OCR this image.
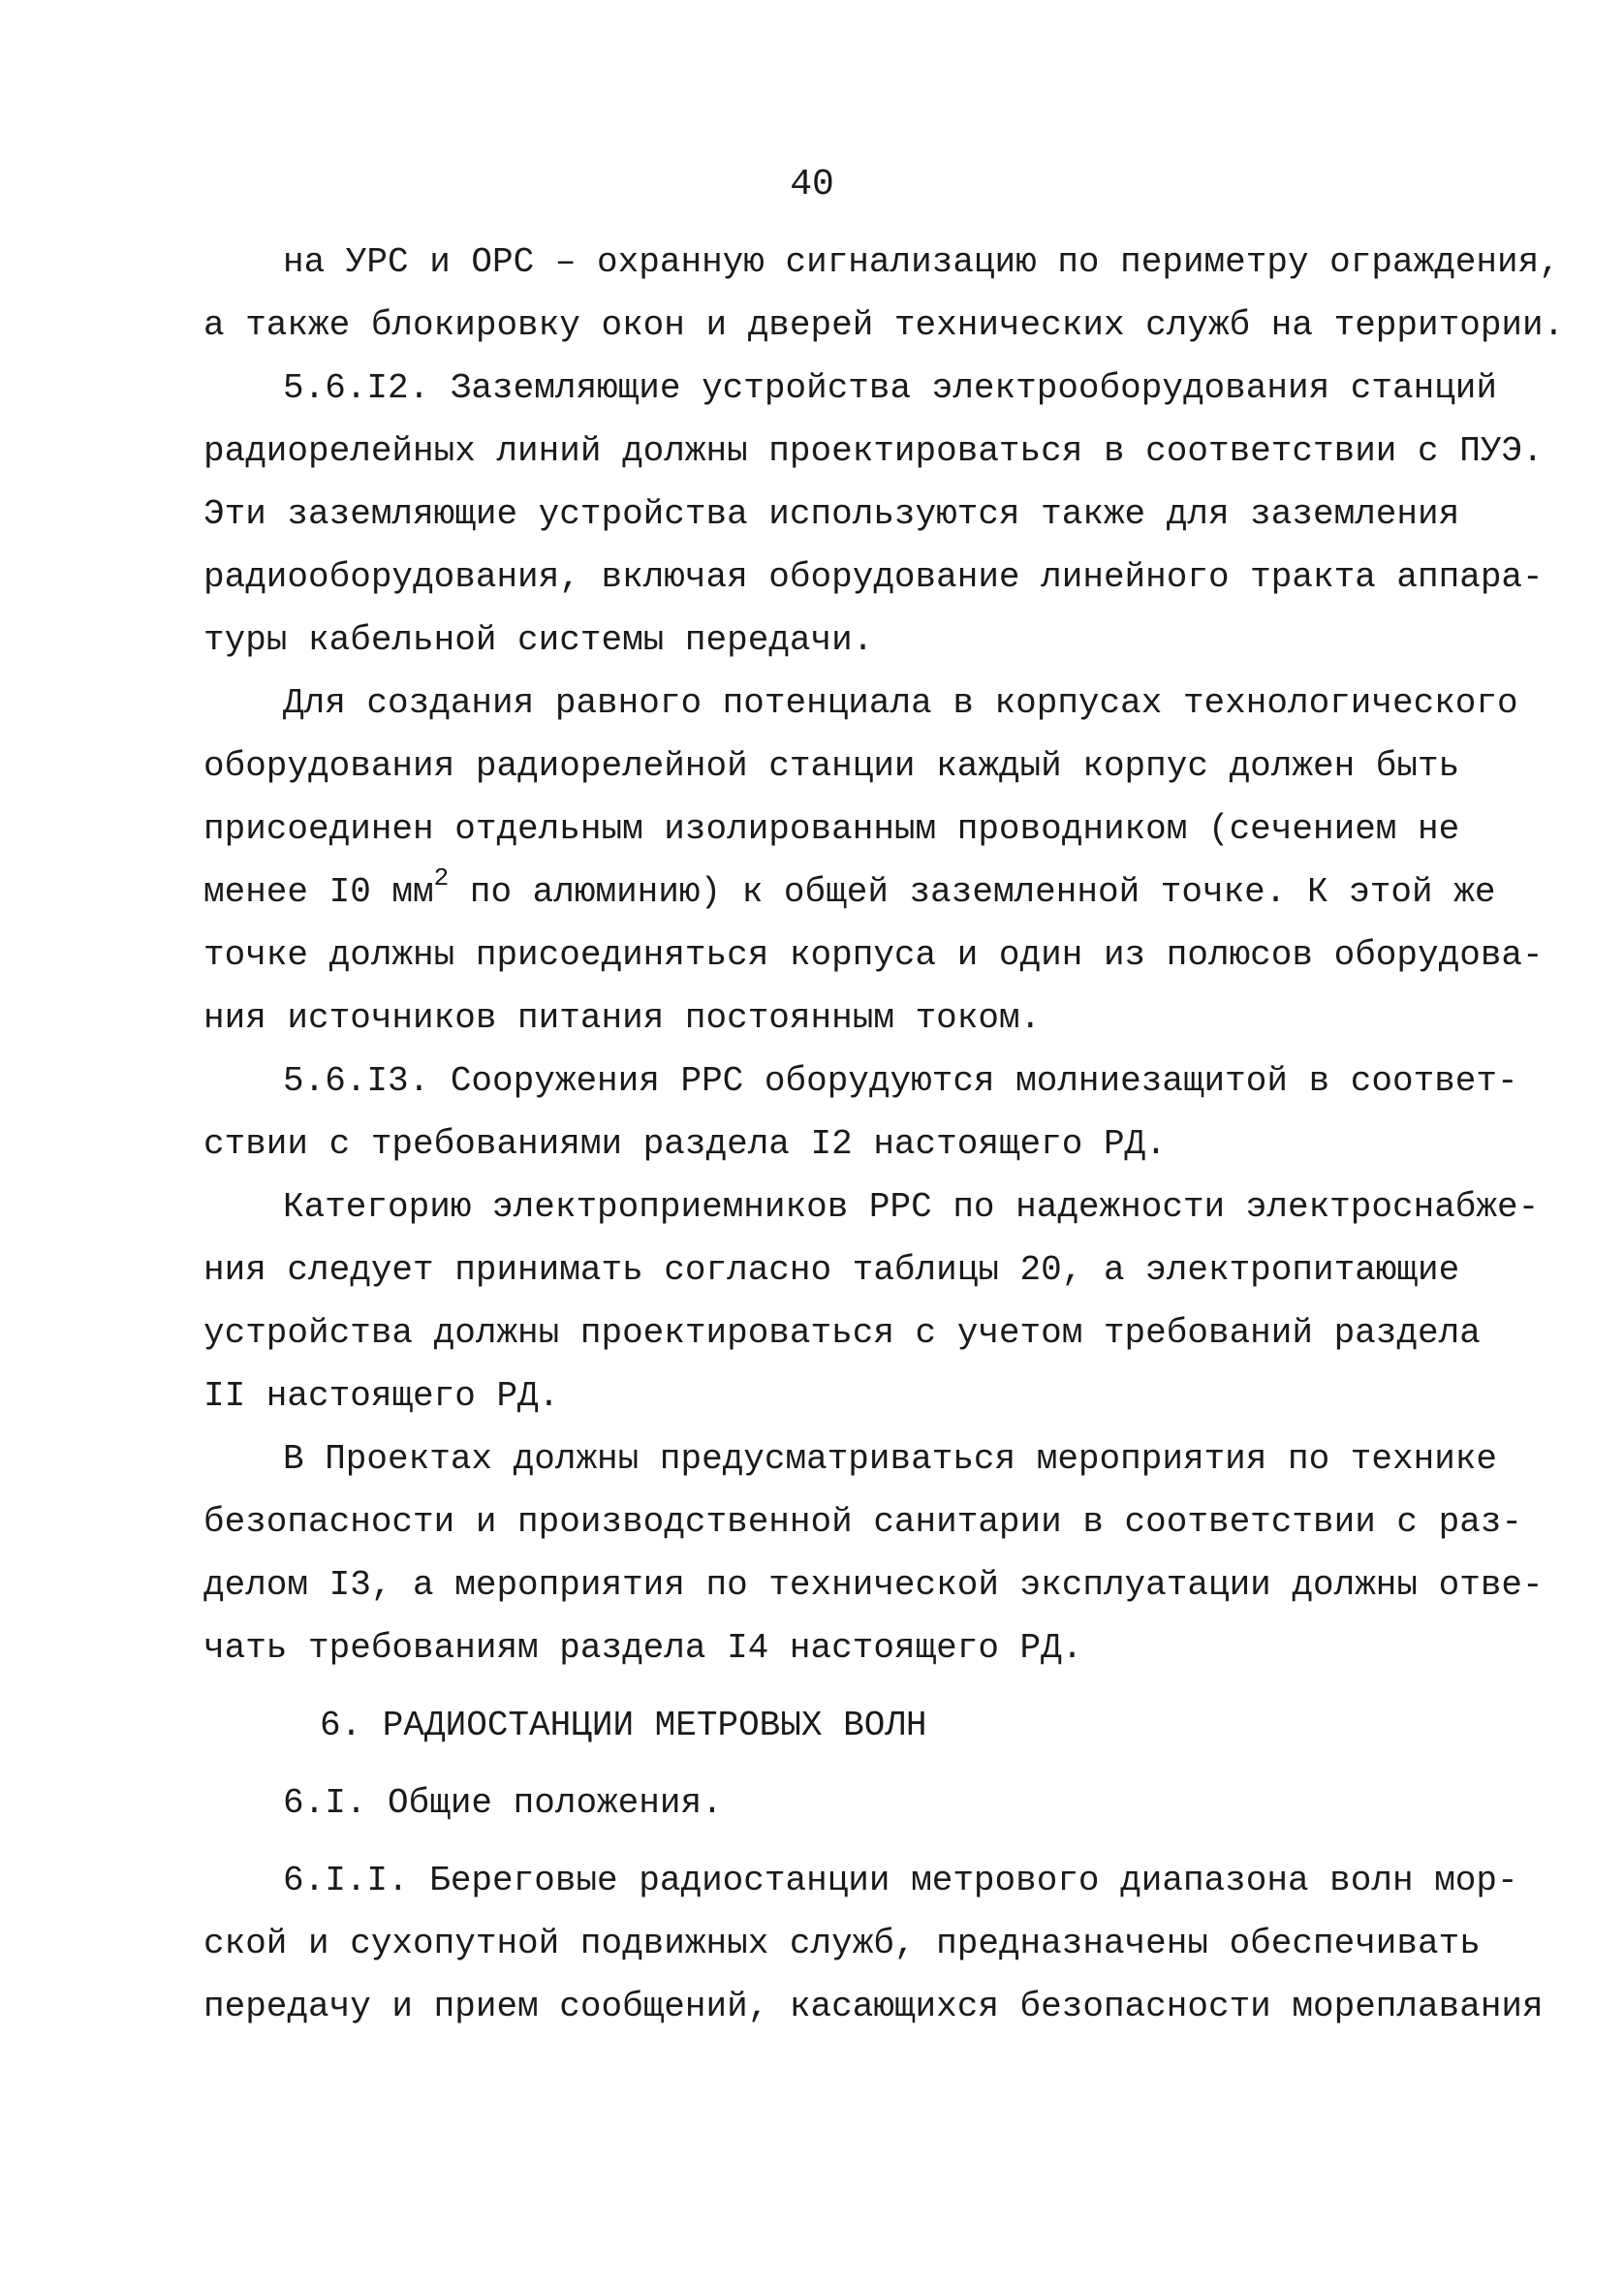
40
на УРС и ОРС – охранную сигнализацию по периметру ограждения,
а также блокировку окон и дверей технических служб на территории.
5.6.I2. Заземляющие устройства электрооборудования станций
радиорелейных линий должны проектироваться в соответствии с ПУЭ.
Эти заземляющие устройства используются также для заземления
радиооборудования, включая оборудование линейного тракта аппара-
туры кабельной системы передачи.
Для создания равного потенциала в корпусах технологического
оборудования радиорелейной станции каждый корпус должен быть
присоединен отдельным изолированным проводником (сечением не
менее I0 $мм^2$ по алюминию) к общей заземленной точке. К этой же
точке должны присоединяться корпуса и один из полюсов оборудова-
ния источников питания постоянным током.
5.6.I3. Сооружения РРС оборудуются молниезащитой в соответ-
ствии с требованиями раздела I2 настоящего РД.
Категорию электроприемников РРС по надежности электроснабже-
ния следует принимать согласно таблицы 20, а электропитающие
устройства должны проектироваться с учетом требований раздела
II настоящего РД.
В Проектах должны предусматриваться мероприятия по технике
безопасности и производственной санитарии в соответствии с раз-
делом I3, а мероприятия по технической эксплуатации должны отве-
чать требованиям раздела I4 настоящего РД.
6. РАДИОСТАНЦИИ МЕТРОВЫХ ВОЛН
6.I. Общие положения.
6.I.I. Береговые радиостанции метрового диапазона волн мор-
ской и сухопутной подвижных служб, предназначены обеспечивать
передачу и прием сообщений, касающихся безопасности мореплавания
